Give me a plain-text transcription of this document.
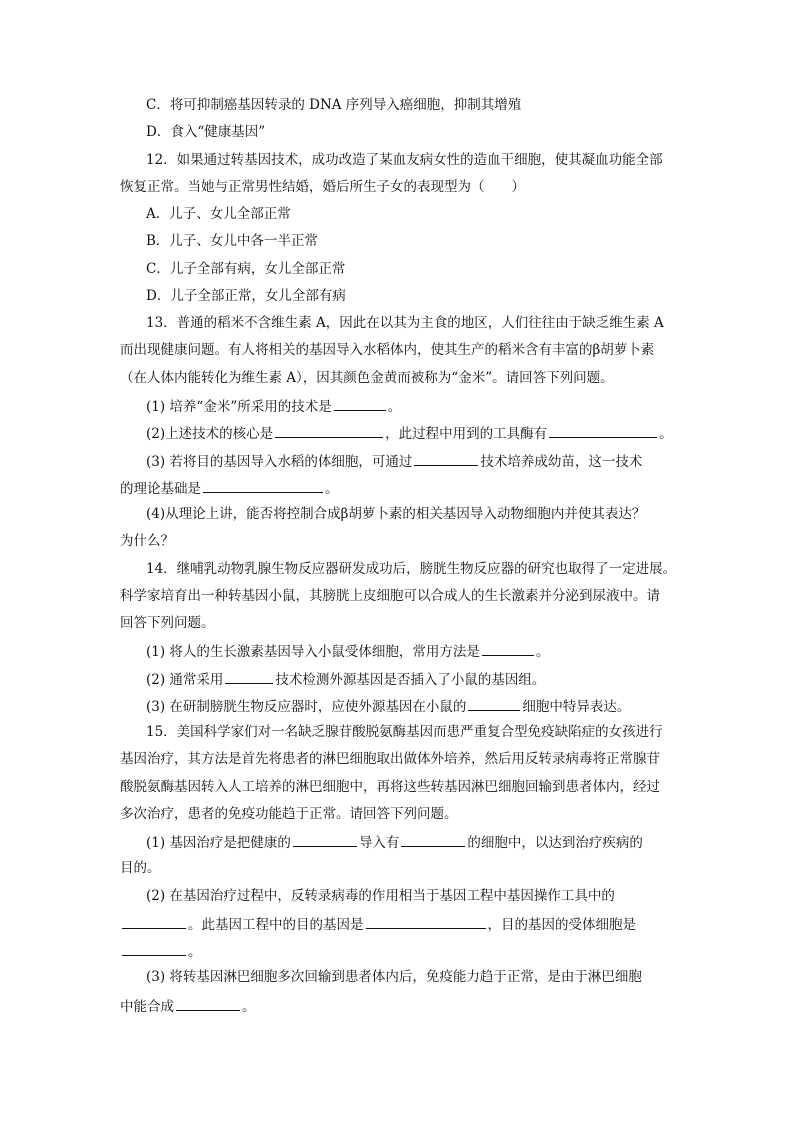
C．将可抑制癌基因转录的 DNA 序列导入癌细胞，抑制其增殖
D．食入“健康基因”
12．如果通过转基因技术，成功改造了某血友病女性的造血干细胞，使其凝血功能全部
恢复正常。当她与正常男性结婚，婚后所生子女的表现型为（　　）
A．儿子、女儿全部正常
B．儿子、女儿中各一半正常
C．儿子全部有病，女儿全部正常
D．儿子全部正常，女儿全部有病
13．普通的稻米不含维生素 A，因此在以其为主食的地区，人们往往由于缺乏维生素 A
而出现健康问题。有人将相关的基因导入水稻体内，使其生产的稻米含有丰富的β胡萝卜素
（在人体内能转化为维生素 A），因其颜色金黄而被称为“金米”。请回答下列问题。
(1) 培养“金米”所采用的技术是	。
(2)上述技术的核心是	，此过程中用到的工具酶有	。
(3) 若将目的基因导入水稻的体细胞，可通过	技术培养成幼苗，这一技术
的理论基础是	。
(4)从理论上讲，能否将控制合成β胡萝卜素的相关基因导入动物细胞内并使其表达？
为什么？
14．继哺乳动物乳腺生物反应器研发成功后，膀胱生物反应器的研究也取得了一定进展。
科学家培育出一种转基因小鼠，其膀胱上皮细胞可以合成人的生长激素并分泌到尿液中。请
回答下列问题。
(1) 将人的生长激素基因导入小鼠受体细胞，常用方法是	。
(2) 通常采用	技术检测外源基因是否插入了小鼠的基因组。
(3) 在研制膀胱生物反应器时，应使外源基因在小鼠的	细胞中特异表达。
15．美国科学家们对一名缺乏腺苷酸脱氨酶基因而患严重复合型免疫缺陷症的女孩进行
基因治疗，其方法是首先将患者的淋巴细胞取出做体外培养，然后用反转录病毒将正常腺苷
酸脱氨酶基因转入人工培养的淋巴细胞中，再将这些转基因淋巴细胞回输到患者体内，经过
多次治疗，患者的免疫功能趋于正常。请回答下列问题。
(1) 基因治疗是把健康的	导入有	的细胞中，以达到治疗疾病的
目的。
(2) 在基因治疗过程中，反转录病毒的作用相当于基因工程中基因操作工具中的
。此基因工程中的目的基因是	，目的基因的受体细胞是
。
(3) 将转基因淋巴细胞多次回输到患者体内后，免疫能力趋于正常，是由于淋巴细胞
中能合成	。
